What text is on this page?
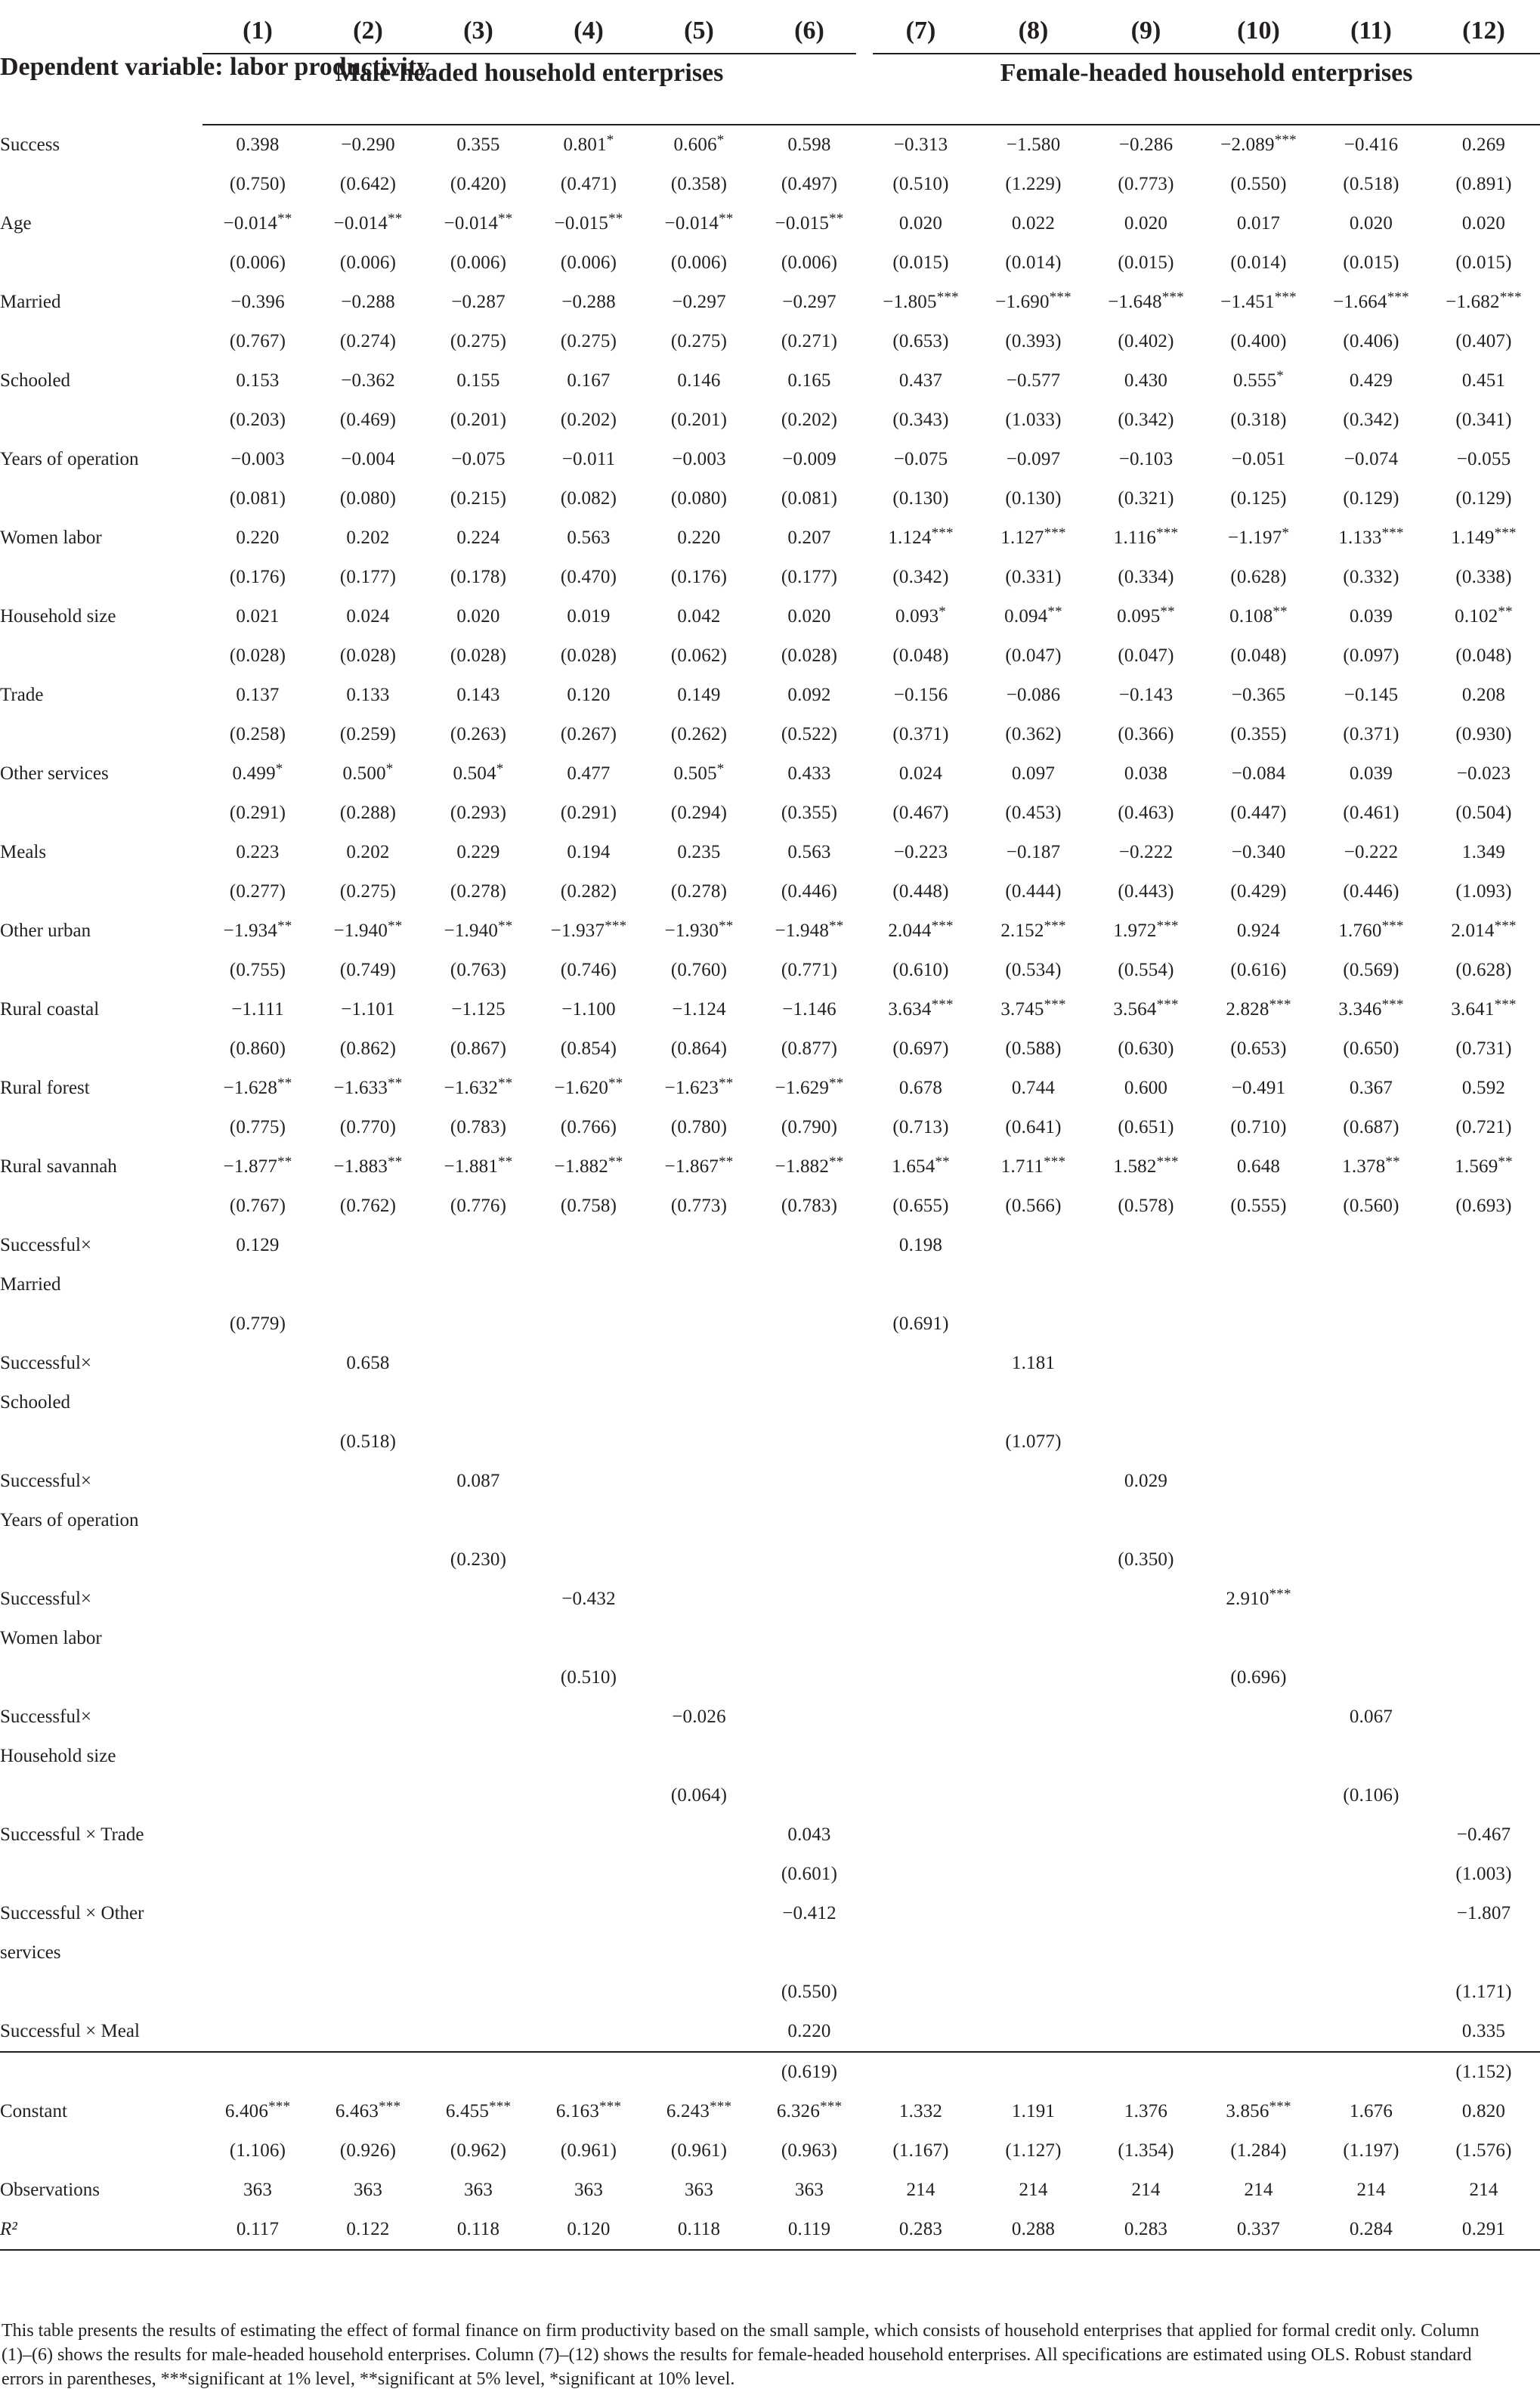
Dependent variable: labor productivity	(1)	(2)	(3)	(4)	(5)	(6)	(7)	(8)	(9)	(10)	(11)	(12)
	Male-headed household enterprises						Female-headed household enterprises					

Success	0.398	−0.290	0.355	0.801*	0.606*	0.598	−0.313	−1.580	−0.286	−2.089***	−0.416	0.269
	(0.750)	(0.642)	(0.420)	(0.471)	(0.358)	(0.497)	(0.510)	(1.229)	(0.773)	(0.550)	(0.518)	(0.891)
Age	−0.014**	−0.014**	−0.014**	−0.015**	−0.014**	−0.015**	0.020	0.022	0.020	0.017	0.020	0.020
	(0.006)	(0.006)	(0.006)	(0.006)	(0.006)	(0.006)	(0.015)	(0.014)	(0.015)	(0.014)	(0.015)	(0.015)
Married	−0.396	−0.288	−0.287	−0.288	−0.297	−0.297	−1.805***	−1.690***	−1.648***	−1.451***	−1.664***	−1.682***
	(0.767)	(0.274)	(0.275)	(0.275)	(0.275)	(0.271)	(0.653)	(0.393)	(0.402)	(0.400)	(0.406)	(0.407)
Schooled	0.153	−0.362	0.155	0.167	0.146	0.165	0.437	−0.577	0.430	0.555*	0.429	0.451
	(0.203)	(0.469)	(0.201)	(0.202)	(0.201)	(0.202)	(0.343)	(1.033)	(0.342)	(0.318)	(0.342)	(0.341)
Years of operation	−0.003	−0.004	−0.075	−0.011	−0.003	−0.009	−0.075	−0.097	−0.103	−0.051	−0.074	−0.055
	(0.081)	(0.080)	(0.215)	(0.082)	(0.080)	(0.081)	(0.130)	(0.130)	(0.321)	(0.125)	(0.129)	(0.129)
Women labor	0.220	0.202	0.224	0.563	0.220	0.207	1.124***	1.127***	1.116***	−1.197*	1.133***	1.149***
	(0.176)	(0.177)	(0.178)	(0.470)	(0.176)	(0.177)	(0.342)	(0.331)	(0.334)	(0.628)	(0.332)	(0.338)
Household size	0.021	0.024	0.020	0.019	0.042	0.020	0.093*	0.094**	0.095**	0.108**	0.039	0.102**
	(0.028)	(0.028)	(0.028)	(0.028)	(0.062)	(0.028)	(0.048)	(0.047)	(0.047)	(0.048)	(0.097)	(0.048)
Trade	0.137	0.133	0.143	0.120	0.149	0.092	−0.156	−0.086	−0.143	−0.365	−0.145	0.208
	(0.258)	(0.259)	(0.263)	(0.267)	(0.262)	(0.522)	(0.371)	(0.362)	(0.366)	(0.355)	(0.371)	(0.930)
Other services	0.499*	0.500*	0.504*	0.477	0.505*	0.433	0.024	0.097	0.038	−0.084	0.039	−0.023
	(0.291)	(0.288)	(0.293)	(0.291)	(0.294)	(0.355)	(0.467)	(0.453)	(0.463)	(0.447)	(0.461)	(0.504)
Meals	0.223	0.202	0.229	0.194	0.235	0.563	−0.223	−0.187	−0.222	−0.340	−0.222	1.349
	(0.277)	(0.275)	(0.278)	(0.282)	(0.278)	(0.446)	(0.448)	(0.444)	(0.443)	(0.429)	(0.446)	(1.093)
Other urban	−1.934**	−1.940**	−1.940**	−1.937***	−1.930**	−1.948**	2.044***	2.152***	1.972***	0.924	1.760***	2.014***
	(0.755)	(0.749)	(0.763)	(0.746)	(0.760)	(0.771)	(0.610)	(0.534)	(0.554)	(0.616)	(0.569)	(0.628)
Rural coastal	−1.111	−1.101	−1.125	−1.100	−1.124	−1.146	3.634***	3.745***	3.564***	2.828***	3.346***	3.641***
	(0.860)	(0.862)	(0.867)	(0.854)	(0.864)	(0.877)	(0.697)	(0.588)	(0.630)	(0.653)	(0.650)	(0.731)
Rural forest	−1.628**	−1.633**	−1.632**	−1.620**	−1.623**	−1.629**	0.678	0.744	0.600	−0.491	0.367	0.592
	(0.775)	(0.770)	(0.783)	(0.766)	(0.780)	(0.790)	(0.713)	(0.641)	(0.651)	(0.710)	(0.687)	(0.721)
Rural savannah	−1.877**	−1.883**	−1.881**	−1.882**	−1.867**	−1.882**	1.654**	1.711***	1.582***	0.648	1.378**	1.569**
	(0.767)	(0.762)	(0.776)	(0.758)	(0.773)	(0.783)	(0.655)	(0.566)	(0.578)	(0.555)	(0.560)	(0.693)
Successful×	0.129						0.198					
Married												
	(0.779)						(0.691)					
Successful×		0.658						1.181				
Schooled												
		(0.518)						(1.077)				
Successful×			0.087						0.029			
Years of operation												
			(0.230)						(0.350)			
Successful×				−0.432						2.910***		
Women labor												
				(0.510)						(0.696)		
Successful×					−0.026						0.067	
Household size												
					(0.064)						(0.106)	
Successful × Trade						0.043						−0.467
						(0.601)						(1.003)
Successful × Other						−0.412						−1.807
services												
						(0.550)						(1.171)
Successful × Meal						0.220						0.335
						(0.619)						(1.152)
Constant	6.406***	6.463***	6.455***	6.163***	6.243***	6.326***	1.332	1.191	1.376	3.856***	1.676	0.820
	(1.106)	(0.926)	(0.962)	(0.961)	(0.961)	(0.963)	(1.167)	(1.127)	(1.354)	(1.284)	(1.197)	(1.576)
Observations	363	363	363	363	363	363	214	214	214	214	214	214
R²	0.117	0.122	0.118	0.120	0.118	0.119	0.283	0.288	0.283	0.337	0.284	0.291
This table presents the results of estimating the effect of formal finance on firm productivity based on the small sample, which consists of household enterprises that applied for formal credit only. Column (1)–(6) shows the results for male-headed household enterprises. Column (7)–(12) shows the results for female-headed household enterprises. All specifications are estimated using OLS. Robust standard errors in parentheses, ***significant at 1% level, **significant at 5% level, *significant at 10% level.
